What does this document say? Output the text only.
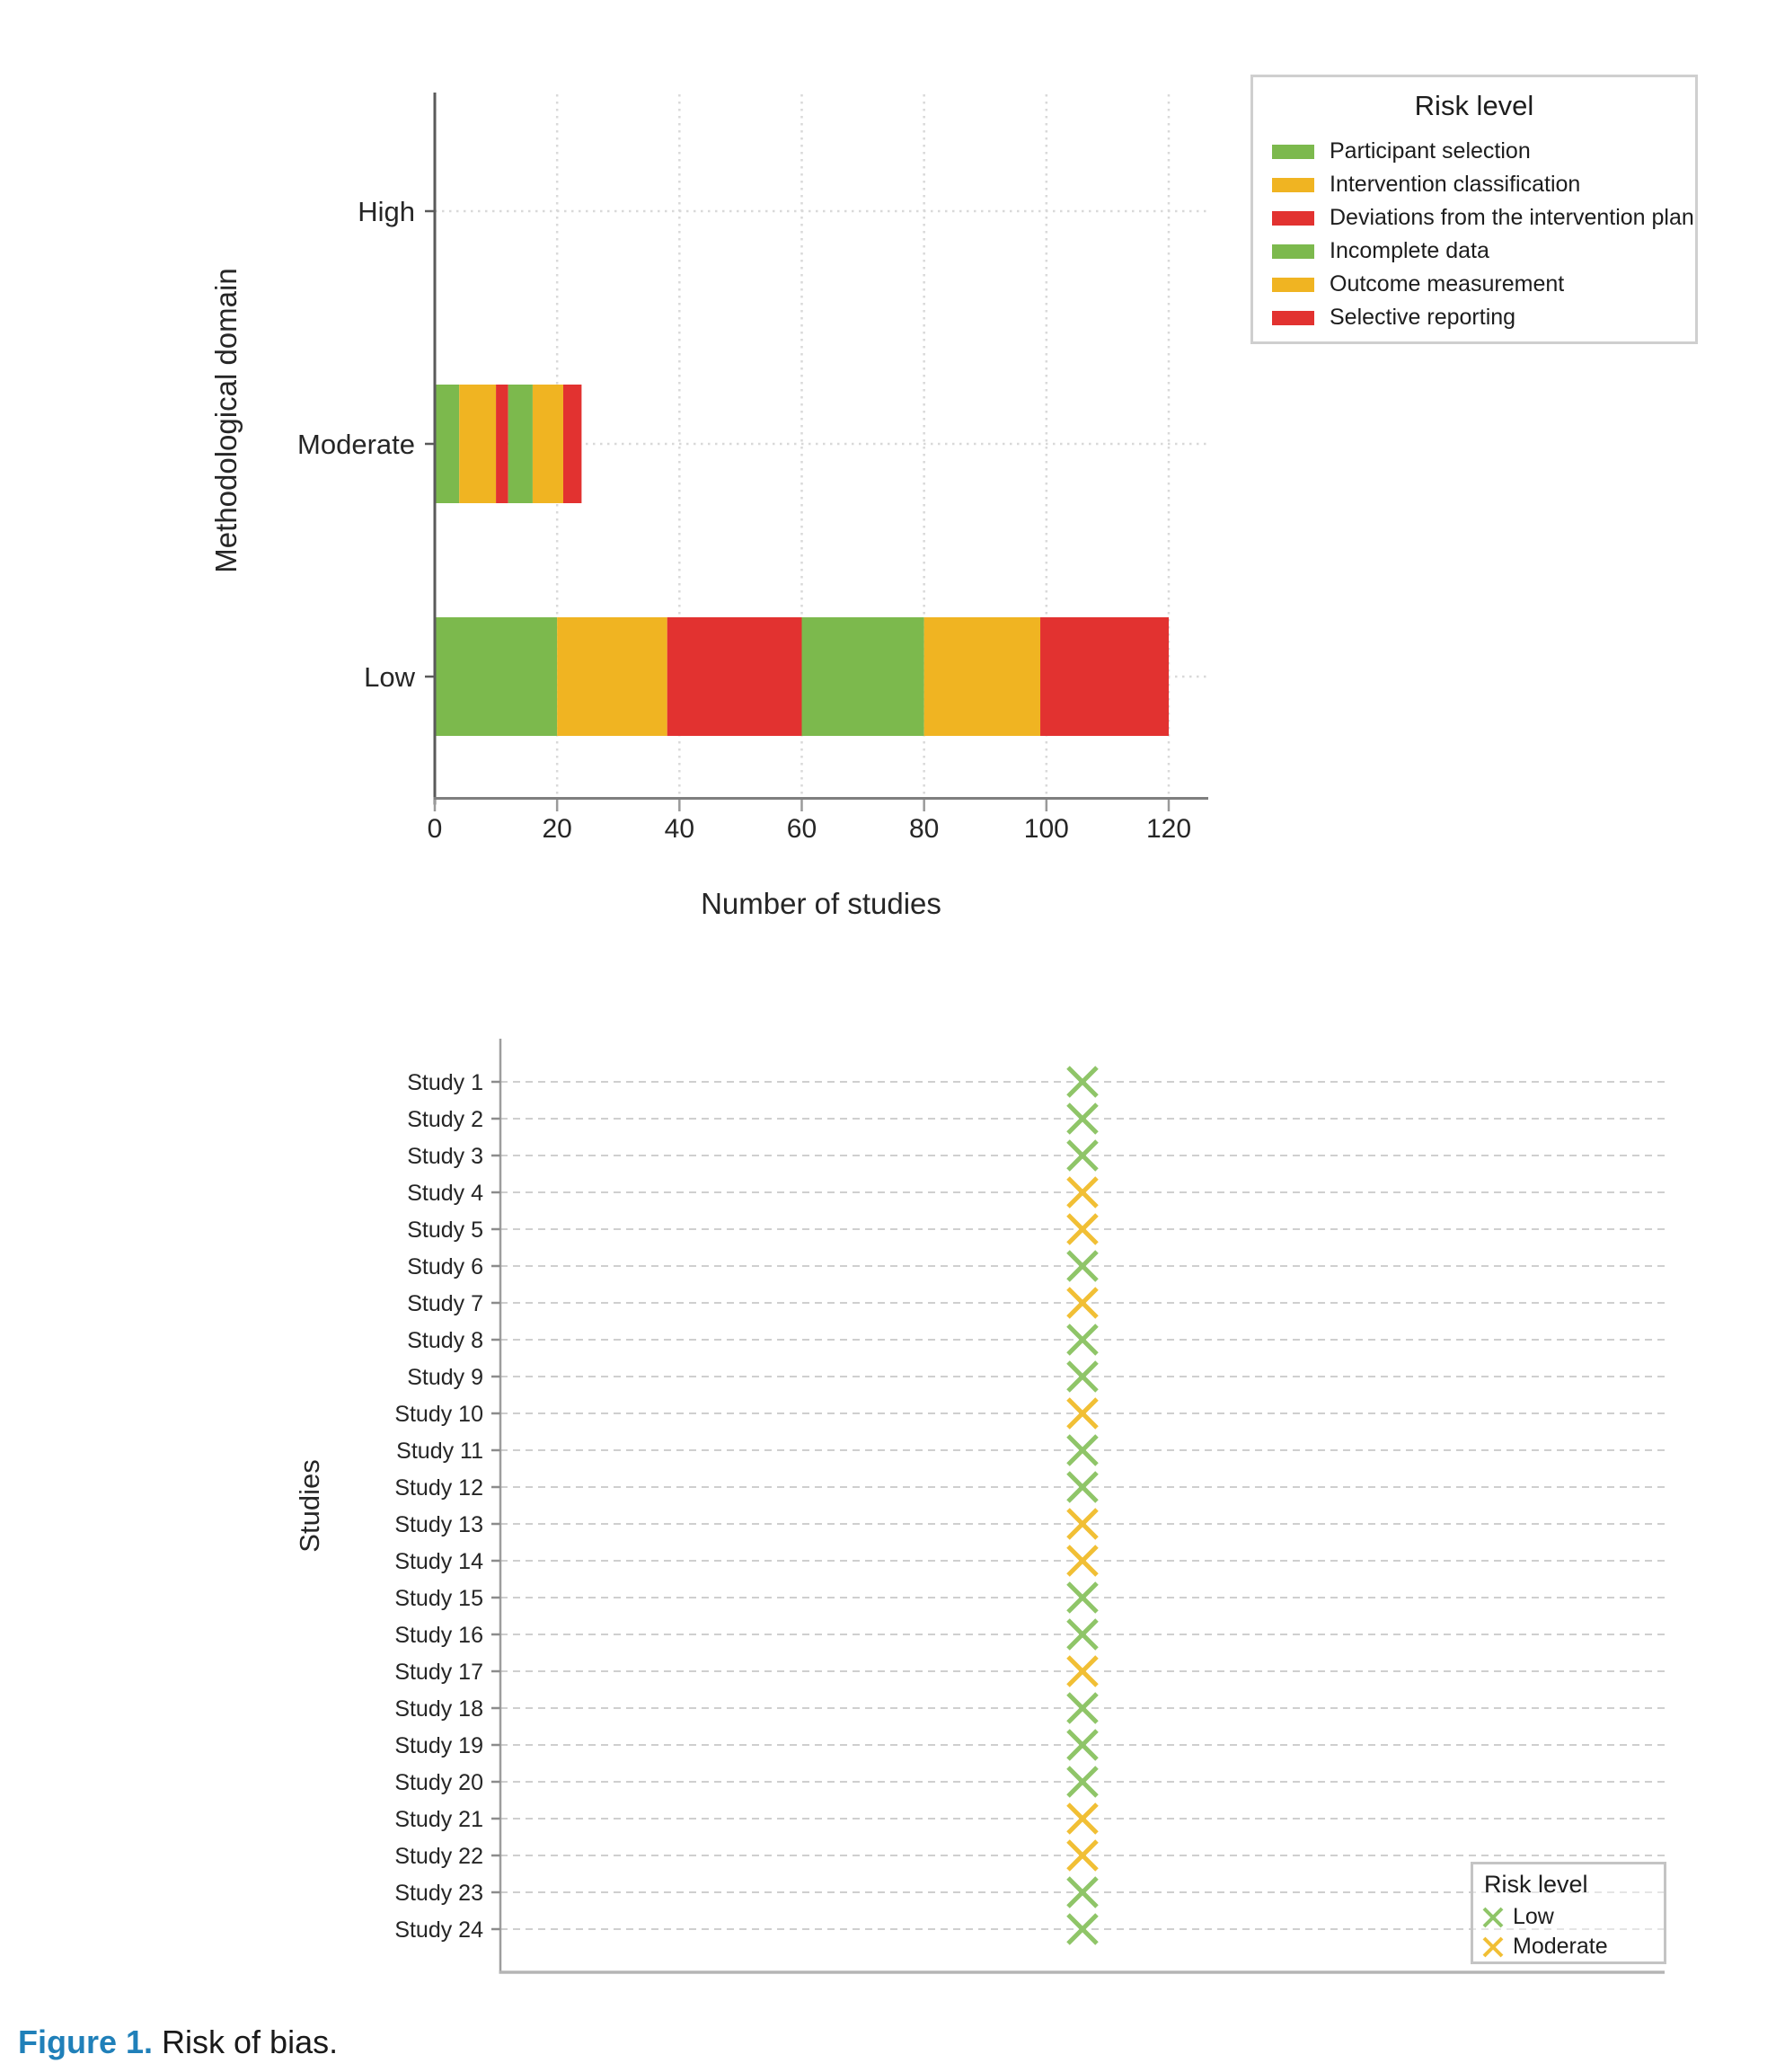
0	20	40	60	80	100	120
High
Moderate
Low
Study 1
Study 2
Study 3
Study 4
Study 5
Study 6
Study 7
Study 8
Study 9
Study 10
Study 11
Study 12
Study 13
Study 14
Study 15
Study 16
Study 17
Study 18
Study 19
Study 20
Study 21
Study 22
Study 23
Study 24
Methodological domain
Number of studies
Studies
Risk level
Participant selection
Intervention classification
Deviations from the intervention plan
Incomplete data
Outcome measurement
Selective reporting
Risk level
Low
Moderate
Figure 1. Risk of bias.
